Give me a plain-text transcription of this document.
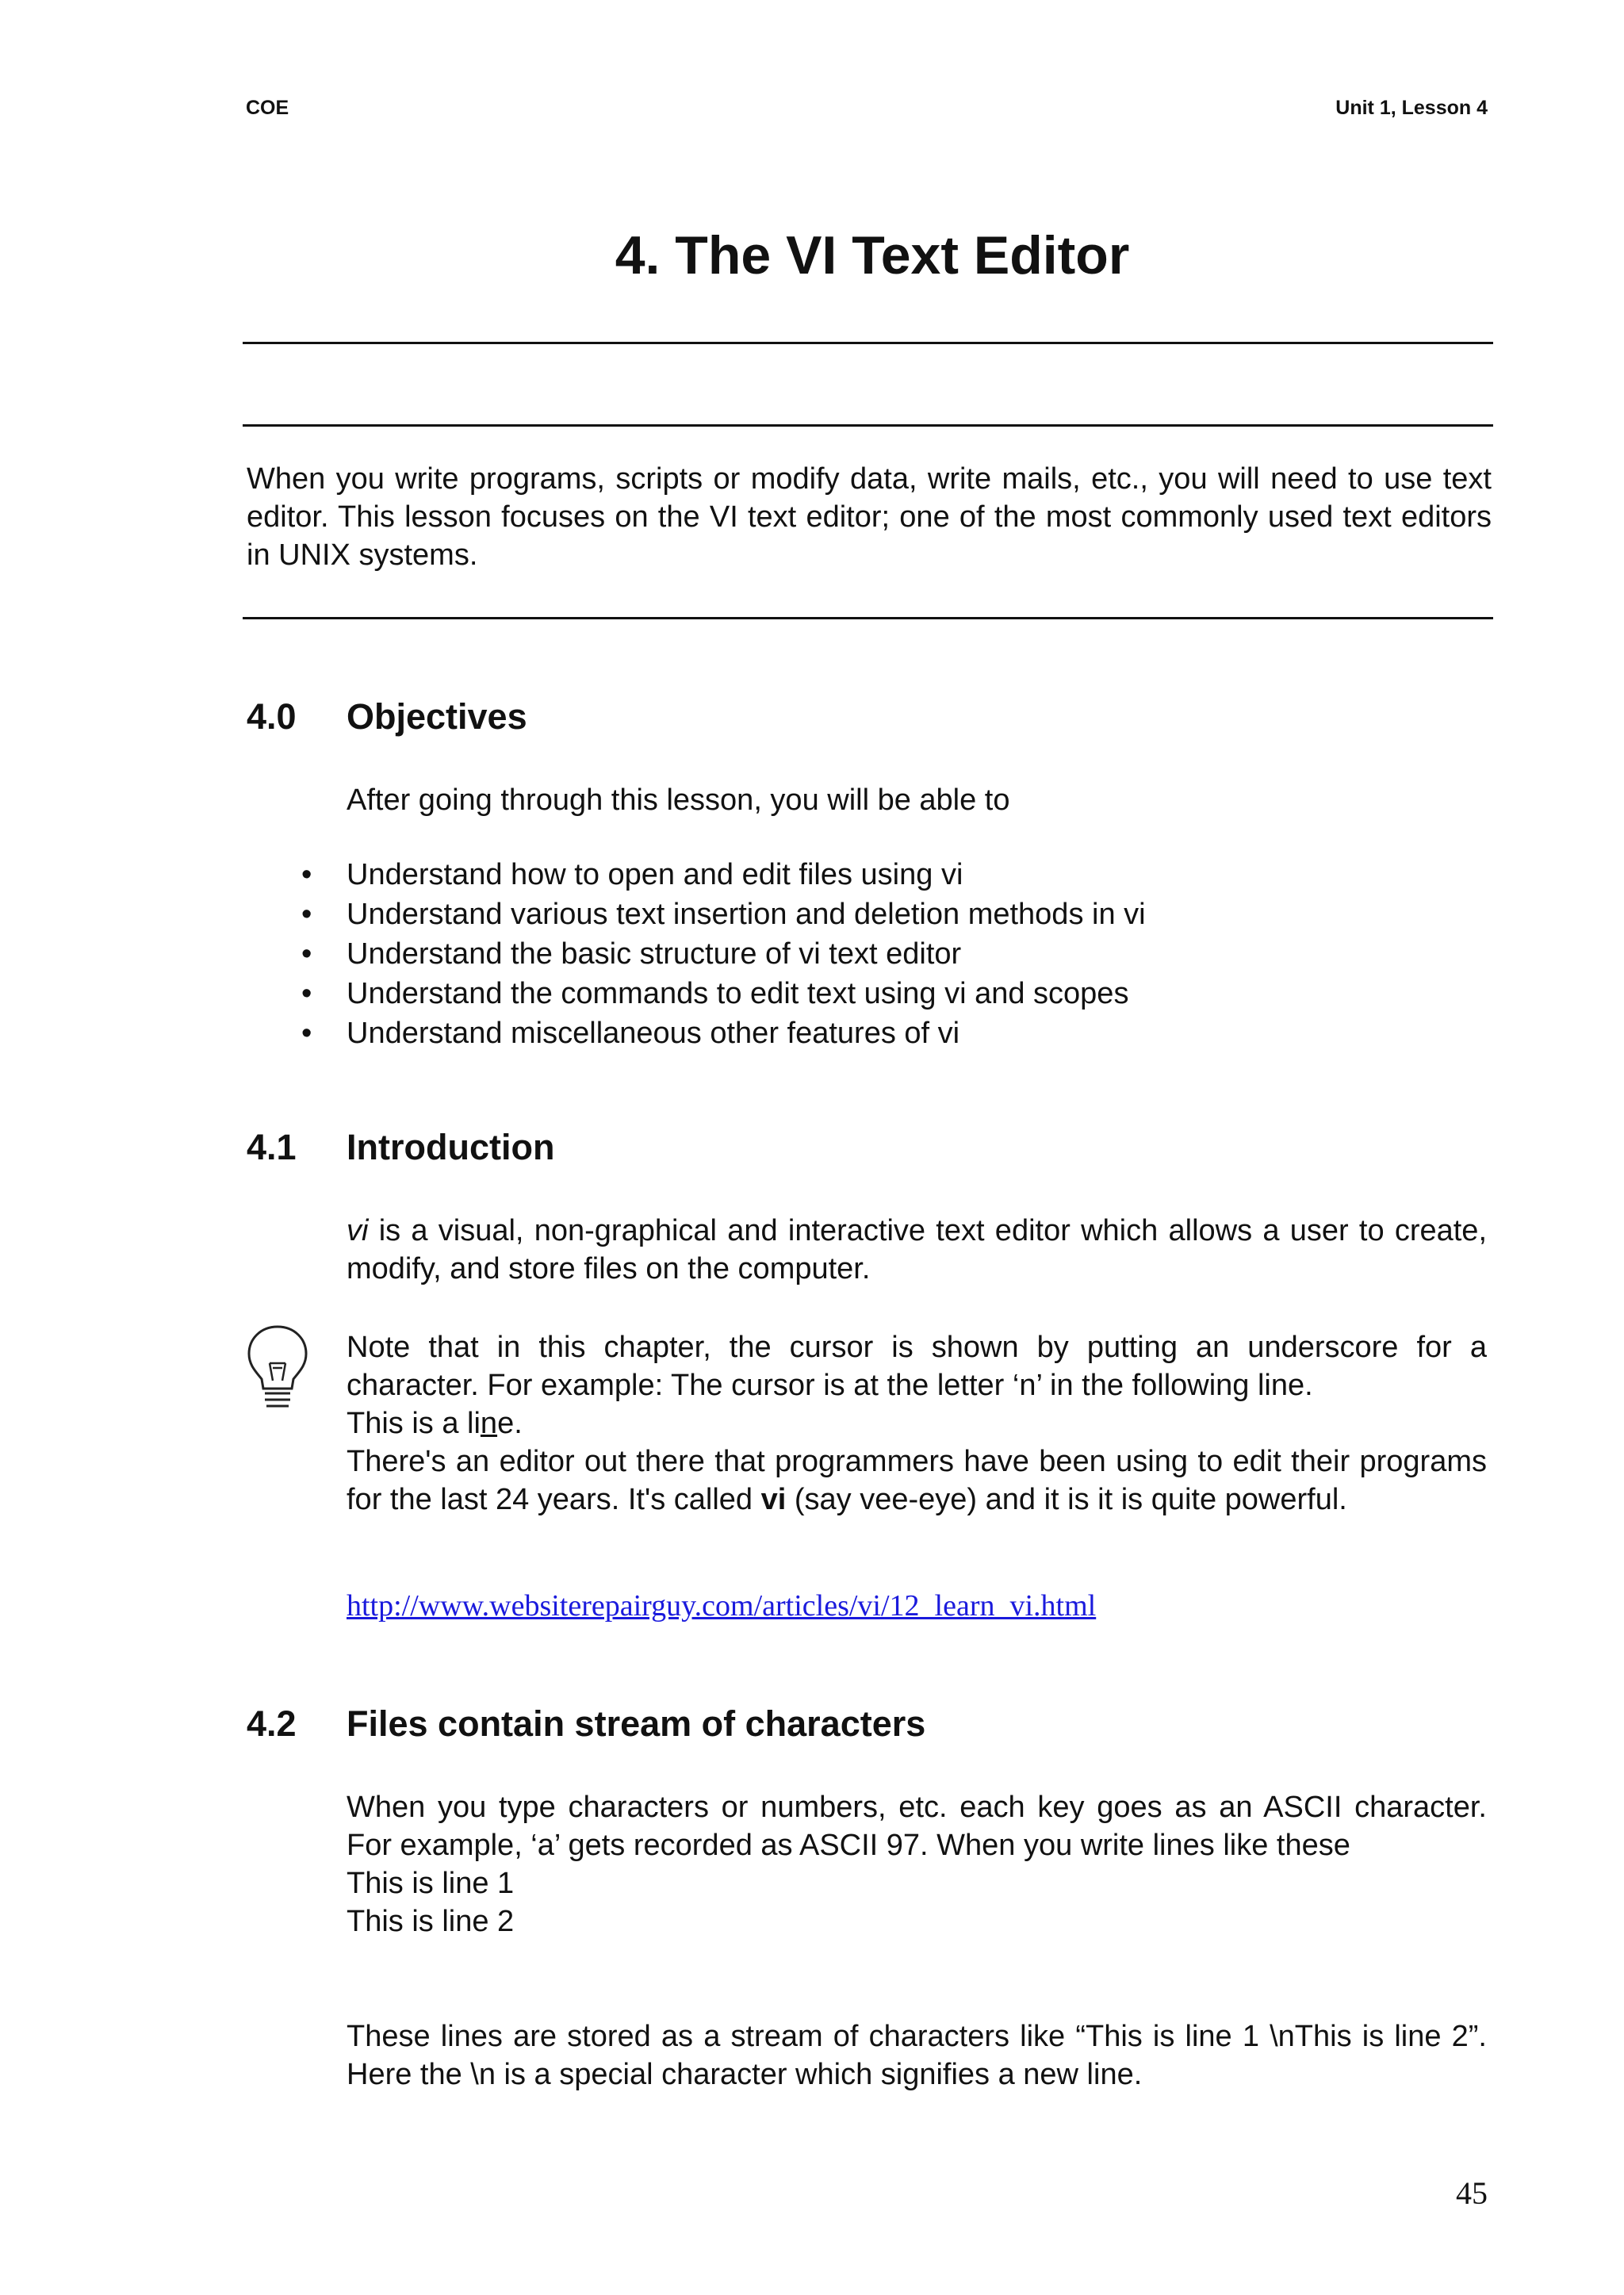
COE	Unit 1, Lesson 4
4. The VI Text Editor
When you write programs, scripts or modify data, write mails, etc., you will need to use text editor. This lesson focuses on the VI text editor; one of the most commonly used text editors in UNIX systems.
4.0 Objectives
After going through this lesson, you will be able to
• Understand how to open and edit files using vi
• Understand various text insertion and deletion methods in vi
• Understand the basic structure of vi text editor
• Understand the commands to edit text using vi and scopes
• Understand miscellaneous other features of vi
4.1 Introduction
vi is a visual, non-graphical and interactive text editor which allows a user to create, modify, and store files on the computer.
Note that in this chapter, the cursor is shown by putting an underscore for a character. For example: The cursor is at the letter ‘n’ in the following line.
This is a line.
There's an editor out there that programmers have been using to edit their programs for the last 24 years. It's called vi (say vee-eye) and it is it is quite powerful.
http://www.websiterepairguy.com/articles/vi/12_learn_vi.html
4.2 Files contain stream of characters
When you type characters or numbers, etc. each key goes as an ASCII character. For example, ‘a’ gets recorded as ASCII 97. When you write lines like these
This is line 1
This is line 2
These lines are stored as a stream of characters like “This is line 1 \nThis is line 2”. Here the \n is a special character which signifies a new line.
45
